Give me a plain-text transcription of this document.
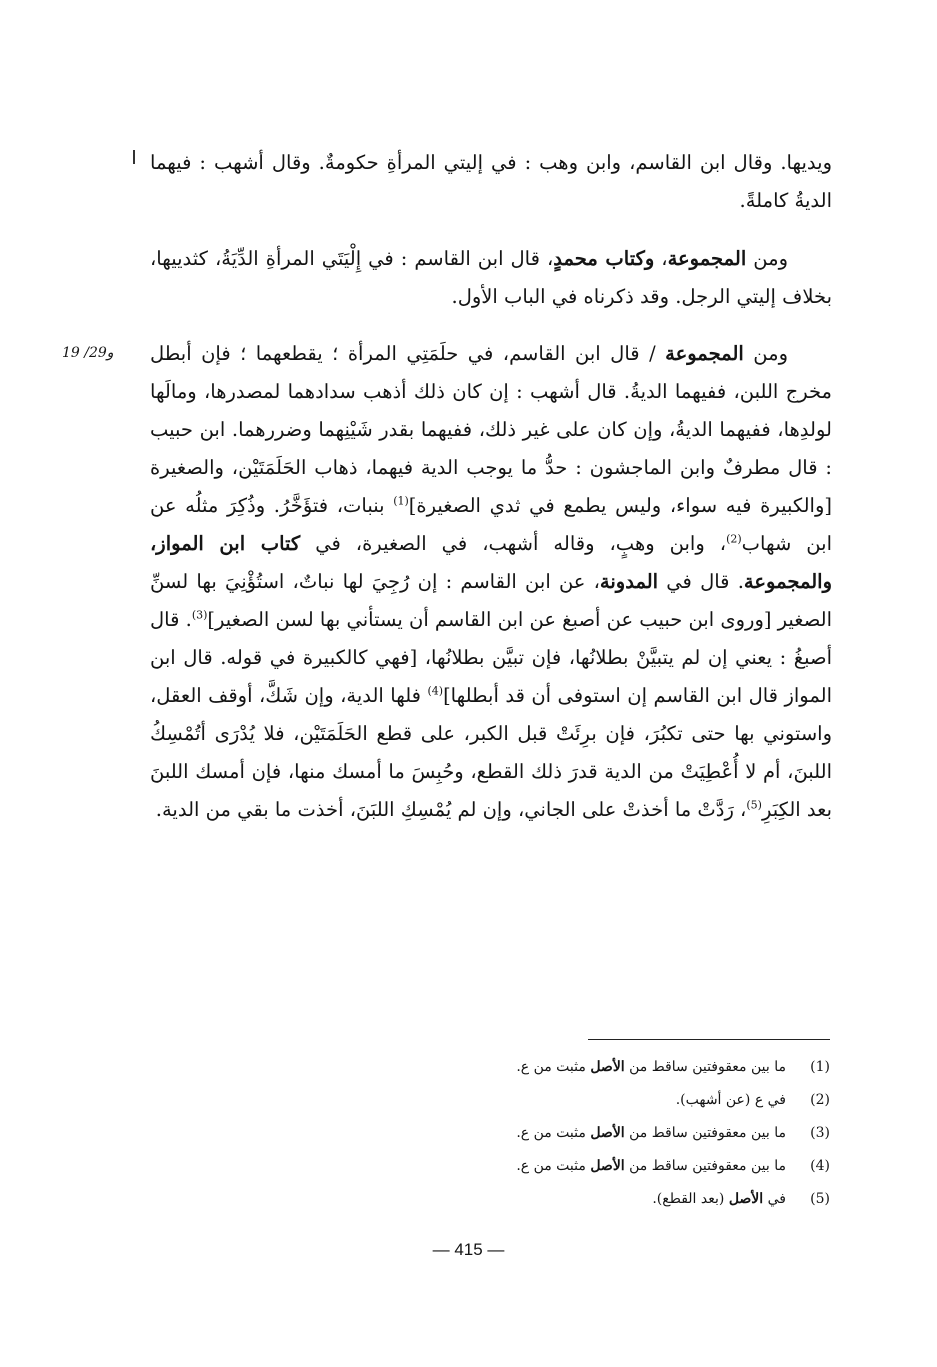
ويديها. وقال ابن القاسم، وابن وهب : في إليتي المرأةِ حكومةٌ. وقال أشهب : فيهما الديةُ كاملةً.

ومن المجموعة، وكتاب محمدٍ، قال ابن القاسم : في إِلْيَتَي المرأةِ الدِّيَةُ، كثدييها، بخلاف إليتي الرجل. وقد ذكرناه في الباب الأول.

19 /29و	ومن المجموعة / قال ابن القاسم، في حلَمَتِي المرأة ؛ يقطعهما ؛ فإن أبطل مخرج اللبن، ففيهما الديةُ. قال أشهب : إن كان ذلك أذهب سدادهما لمصدرها، ومالَها لولدِها، ففيهما الديةُ، وإن كان على غير ذلك، ففيهما بقدر شَيْنِهما وضررهما. ابن حبيب : قال مطرفٌ وابن الماجشون : حدُّ ما يوجب الدية فيهما، ذهاب الحَلَمَتَيْن، والصغيرة [والكبيرة فيه سواء، وليس يطمع في ثدي الصغيرة]$^{(1)}$ بنبات، فتؤَخَّرُ. وذُكِرَ مثلُه عن ابن شهاب$^{(2)}$، وابن وهبٍ، وقاله أشهب، في الصغيرة، في كتاب ابن المواز، والمجموعة. قال في المدونة، عن ابن القاسم : إن رُجِيَ لها نباتٌ، استُؤْنِيَ بها لسنِّ الصغير [وروى ابن حبيب عن أصبغ عن ابن القاسم أن يستأني بها لسن الصغير]$^{(3)}$. قال أصبغُ : يعني إن لم يتبيَّنْ بطلانُها، فإن تبيَّن بطلانُها، [فهي كالكبيرة في قوله. قال ابن المواز قال ابن القاسم إن استوفى أن قد أبطلها]$^{(4)}$ فلها الدية، وإن شَكَّ، أوقف العقل، واستوني بها حتى تكبُرَ، فإن برِئَتْ قبل الكبر، على قطع الحَلَمَتَيْن، فلا يُدْرَى أتُمْسِكُ اللبنَ، أم لا أُعْطِيَتْ من الدية قدرَ ذلك القطع، وحُبِسَ ما أمسك منها، فإن أمسك اللبنَ بعد الكِبَرِ$^{(5)}$، رَدَّتْ ما أخذتْ على الجاني، وإن لم يُمْسِكِ اللبَنَ، أخذت ما بقي من الدية.

(1)
ما بين معقوفتين ساقط من الأصل مثبت من ع.
(2)
في ع (عن أشهب).
(3)
ما بين معقوفتين ساقط من الأصل مثبت من ع.
(4)
ما بين معقوفتين ساقط من الأصل مثبت من ع.
(5)
في الأصل (بعد القطع).
— 415 —
